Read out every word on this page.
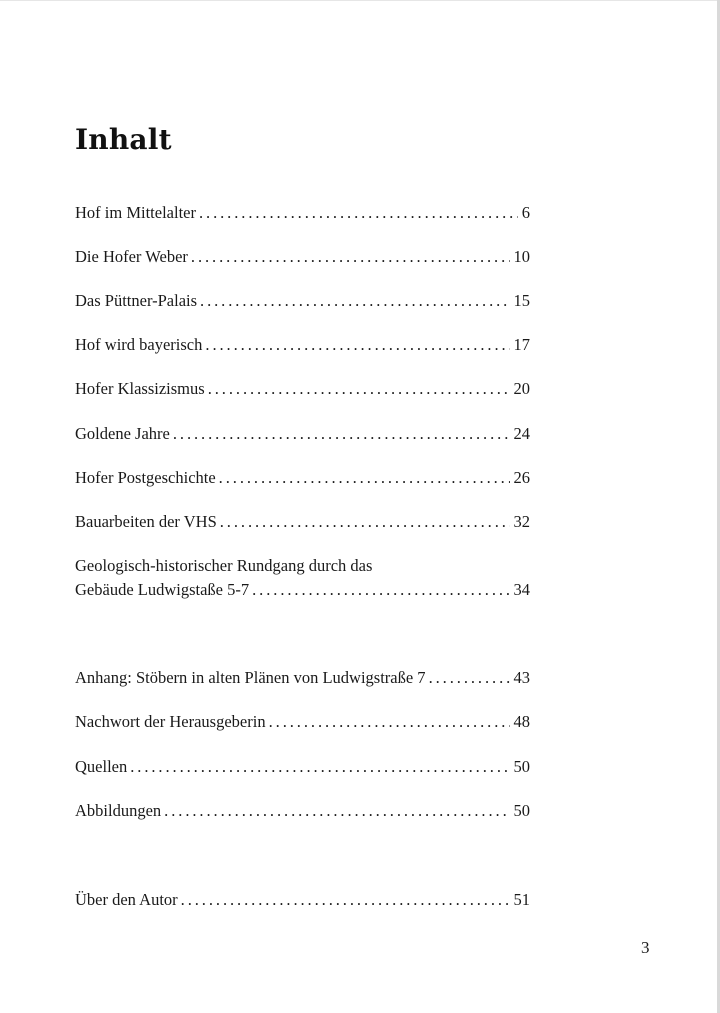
Inhalt
Hof im Mittelalter . . .	6
Die Hofer Weber . . .	10
Das Püttner-Palais . . .	15
Hof wird bayerisch . . .	17
Hofer Klassizismus . . .	20
Goldene Jahre . . .	24
Hofer Postgeschichte . . .	26
Bauarbeiten der VHS . . .	32
Geologisch-historischer Rundgang durch das
Gebäude Ludwigstaße 5-7 . . .	34
Anhang: Stöbern in alten Plänen von Ludwigstraße 7 . . .	43
Nachwort der Herausgeberin . . .	48
Quellen . . .	50
Abbildungen . . .	50
Über den Autor . . .	51
3
